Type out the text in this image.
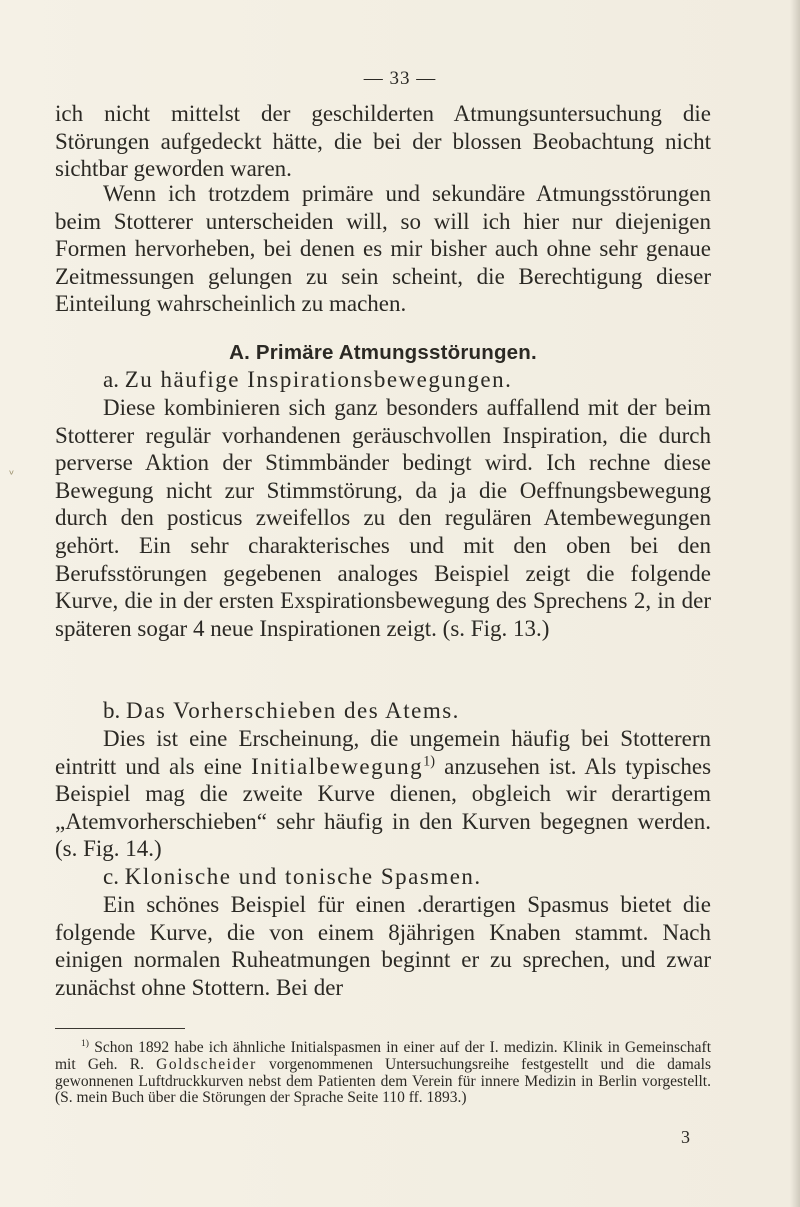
— 33 —

ich nicht mittelst der geschilderten Atmungsuntersuchung die Störungen aufgedeckt hätte, die bei der blossen Beobachtung nicht sichtbar geworden waren.

Wenn ich trotzdem primäre und sekundäre Atmungsstörungen beim Stotterer unterscheiden will, so will ich hier nur diejenigen Formen hervorheben, bei denen es mir bisher auch ohne sehr genaue Zeitmessungen gelungen zu sein scheint, die Berechtigung dieser Einteilung wahrscheinlich zu machen.

A. Primäre Atmungsstörungen.
a. Zu häufige Inspirationsbewegungen.

Diese kombinieren sich ganz besonders auffallend mit der beim Stotterer regulär vorhandenen geräuschvollen Inspiration, die durch perverse Aktion der Stimmbänder bedingt wird. Ich rechne diese Bewegung nicht zur Stimmstörung, da ja die Oeffnungsbewegung durch den posticus zweifellos zu den regulären Atembewegungen gehört. Ein sehr charakterisches und mit den oben bei den Berufsstörungen gegebenen analoges Beispiel zeigt die folgende Kurve, die in der ersten Exspirationsbewegung des Sprechens 2, in der späteren sogar 4 neue Inspirationen zeigt. (s. Fig. 13.)

b. Das Vorherschieben des Atems.

Dies ist eine Erscheinung, die ungemein häufig bei Stotterern eintritt und als eine Initialbewegung$^{1)}$ anzusehen ist. Als typisches Beispiel mag die zweite Kurve dienen, obgleich wir derartigem „Atemvorherschieben“ sehr häufig in den Kurven begegnen werden. (s. Fig. 14.)

c. Klonische und tonische Spasmen.

Ein schönes Beispiel für einen .derartigen Spasmus bietet die folgende Kurve, die von einem 8jährigen Knaben stammt. Nach einigen normalen Ruheatmungen beginnt er zu sprechen, und zwar zunächst ohne Stottern. Bei der

$^{1)}$ Schon 1892 habe ich ähnliche Initialspasmen in einer auf der I. medizin. Klinik in Gemeinschaft mit Geh. R. Goldscheider vorgenommenen Untersuchungsreihe festgestellt und die damals gewonnenen Luftdruckkurven nebst dem Patienten dem Verein für innere Medizin in Berlin vorgestellt. (S. mein Buch über die Störungen der Sprache Seite 110 ff. 1893.)

3
ᵛ
